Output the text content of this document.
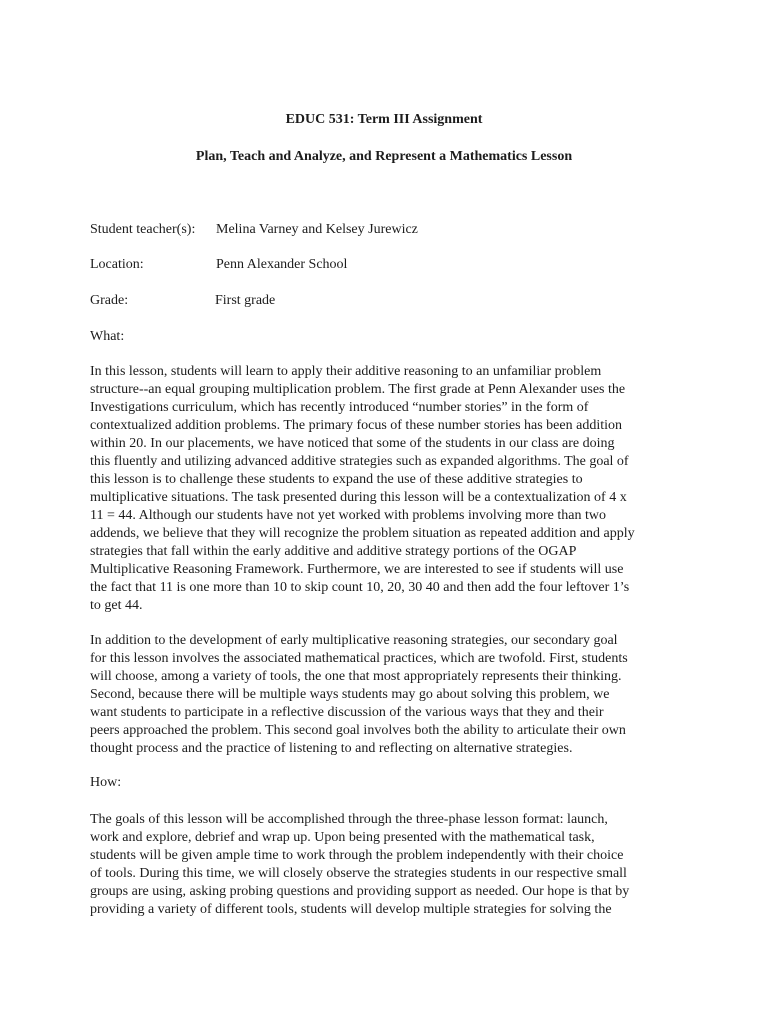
EDUC 531: Term III Assignment
Plan, Teach and Analyze, and Represent a Mathematics Lesson
Student teacher(s): Melina Varney and Kelsey Jurewicz
Location:	Penn Alexander School
Grade:	First grade
What:
In this lesson, students will learn to apply their additive reasoning to an unfamiliar problem
structure--an equal grouping multiplication problem. The first grade at Penn Alexander uses the
Investigations curriculum, which has recently introduced “number stories” in the form of
contextualized addition problems. The primary focus of these number stories has been addition
within 20. In our placements, we have noticed that some of the students in our class are doing
this fluently and utilizing advanced additive strategies such as expanded algorithms. The goal of
this lesson is to challenge these students to expand the use of these additive strategies to
multiplicative situations. The task presented during this lesson will be a contextualization of 4 x
11 = 44. Although our students have not yet worked with problems involving more than two
addends, we believe that they will recognize the problem situation as repeated addition and apply
strategies that fall within the early additive and additive strategy portions of the OGAP
Multiplicative Reasoning Framework. Furthermore, we are interested to see if students will use
the fact that 11 is one more than 10 to skip count 10, 20, 30 40 and then add the four leftover 1’s
to get 44.
In addition to the development of early multiplicative reasoning strategies, our secondary goal
for this lesson involves the associated mathematical practices, which are twofold. First, students
will choose, among a variety of tools, the one that most appropriately represents their thinking.
Second, because there will be multiple ways students may go about solving this problem, we
want students to participate in a reflective discussion of the various ways that they and their
peers approached the problem. This second goal involves both the ability to articulate their own
thought process and the practice of listening to and reflecting on alternative strategies.
How:
The goals of this lesson will be accomplished through the three-phase lesson format: launch,
work and explore, debrief and wrap up. Upon being presented with the mathematical task,
students will be given ample time to work through the problem independently with their choice
of tools. During this time, we will closely observe the strategies students in our respective small
groups are using, asking probing questions and providing support as needed. Our hope is that by
providing a variety of different tools, students will develop multiple strategies for solving the
